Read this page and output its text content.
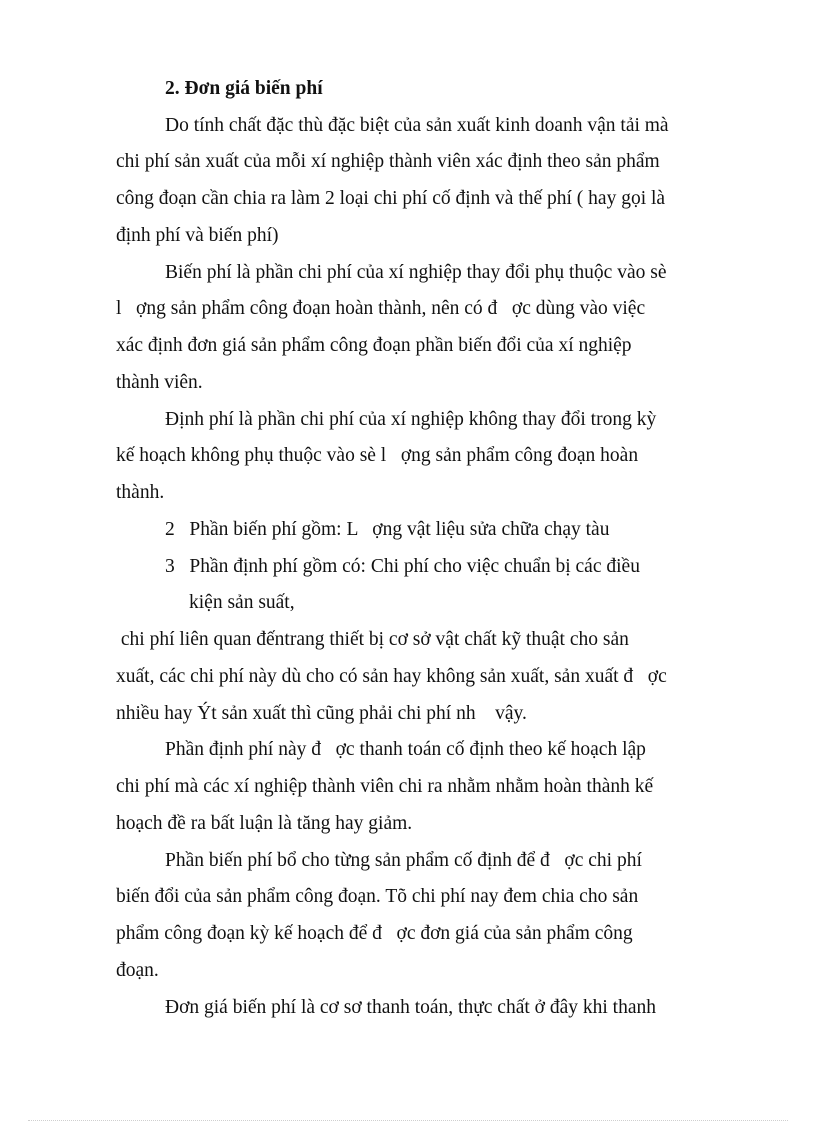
2. Đơn giá biến phí

Do tính chất đặc thù đặc biệt của sản xuất kinh doanh vận tải mà

chi phí sản xuất của mỗi xí nghiệp thành viên xác định theo sản phẩm

công đoạn cần chia ra làm 2 loại chi phí cố định và thế phí ( hay gọi là

định phí và biến phí)

Biến phí là phần chi phí của xí nghiệp thay đổi phụ thuộc vào sè

l   ợng sản phẩm công đoạn hoàn thành, nên có đ   ợc dùng vào việc

xác định đơn giá sản phẩm công đoạn phần biến đổi của xí nghiệp

thành viên.

Định phí là phần chi phí của xí nghiệp không thay đổi trong kỳ

kế hoạch không phụ thuộc vào sè l   ợng sản phẩm công đoạn hoàn

thành.

2   Phần biến phí gồm: L   ợng vật liệu sửa chữa chạy tàu

3   Phần định phí gồm có: Chi phí cho việc chuẩn bị các điều

kiện sản suất,

chi phí liên quan đếntrang thiết bị cơ sở vật chất kỹ thuật cho sản

xuất, các chi phí này dù cho có sản hay không sản xuất, sản xuất đ   ợc

nhiều hay Ýt sản xuất thì cũng phải chi phí nh    vậy.

Phần định phí này đ   ợc thanh toán cố định theo kế hoạch lập

chi phí mà các xí nghiệp thành viên chi ra nhằm nhằm hoàn thành kế

hoạch đề ra bất luận là tăng hay giảm.

Phần biến phí bổ cho từng sản phẩm cố định để đ   ợc chi phí

biến đổi của sản phẩm công đoạn. Tõ chi phí nay đem chia cho sản

phẩm công đoạn kỳ kế hoạch để đ   ợc đơn giá của sản phẩm công

đoạn.

Đơn giá biến phí là cơ sơ thanh toán, thực chất ở đây khi thanh
